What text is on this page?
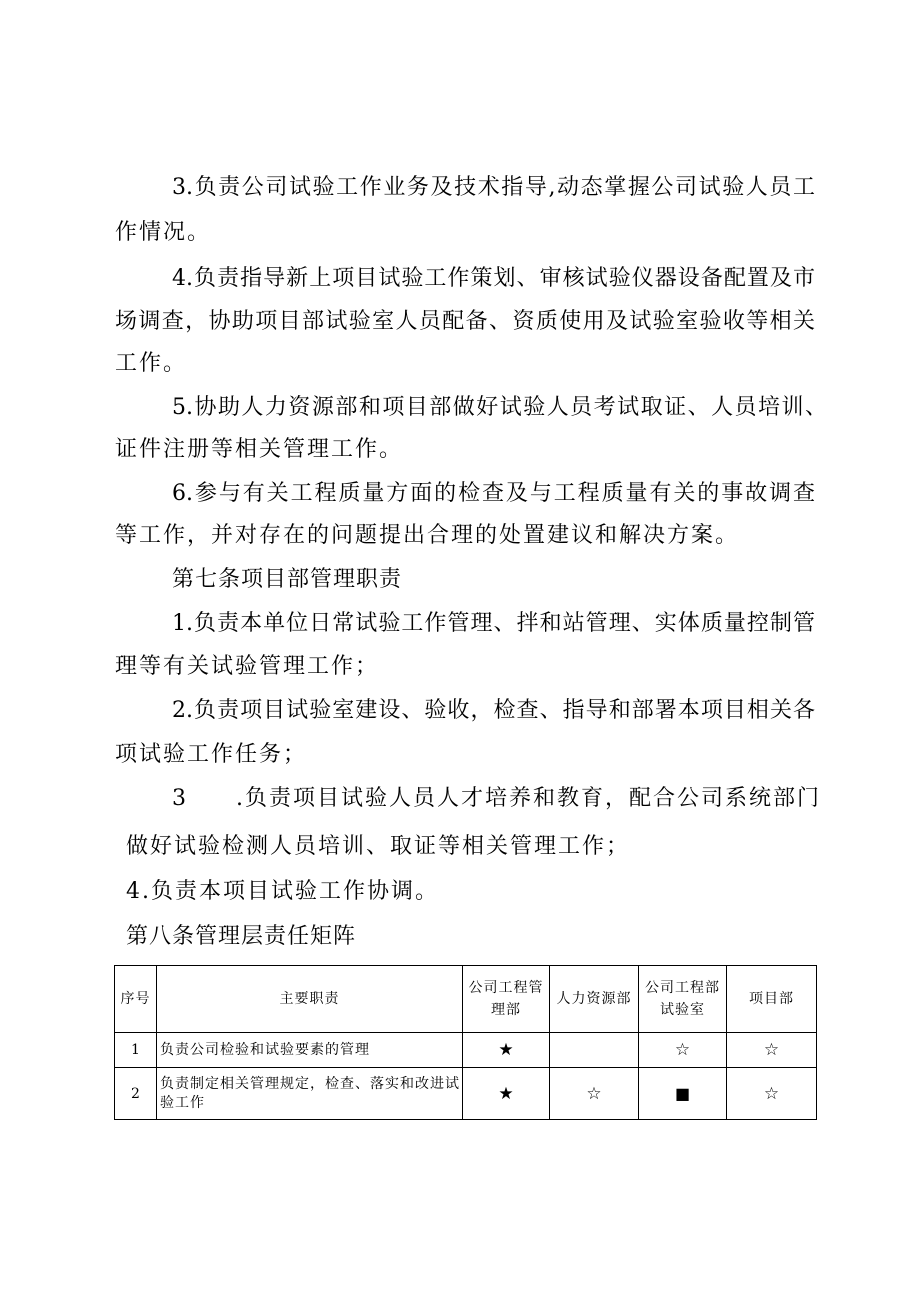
3.负责公司试验工作业务及技术指导,动态掌握公司试验人员工
作情况。
4.负责指导新上项目试验工作策划、审核试验仪器设备配置及市
场调查，协助项目部试验室人员配备、资质使用及试验室验收等相关
工作。
5.协助人力资源部和项目部做好试验人员考试取证、人员培训、
证件注册等相关管理工作。
6.参与有关工程质量方面的检查及与工程质量有关的事故调查
等工作，并对存在的问题提出合理的处置建议和解决方案。
第七条项目部管理职责
1.负责本单位日常试验工作管理、拌和站管理、实体质量控制管
理等有关试验管理工作；
2.负责项目试验室建设、验收，检查、指导和部署本项目相关各
项试验工作任务；
3 .负责项目试验人员人才培养和教育，配合公司系统部门
做好试验检测人员培训、取证等相关管理工作；
4.负责本项目试验工作协调。
第八条管理层责任矩阵
序号	主要职责	公司工程管理部	人力资源部	公司工程部试验室	项目部
1	负责公司检验和试验要素的管理	★		☆	☆
2	负责制定相关管理规定，检查、落实和改进试验工作	★	☆	■	☆
